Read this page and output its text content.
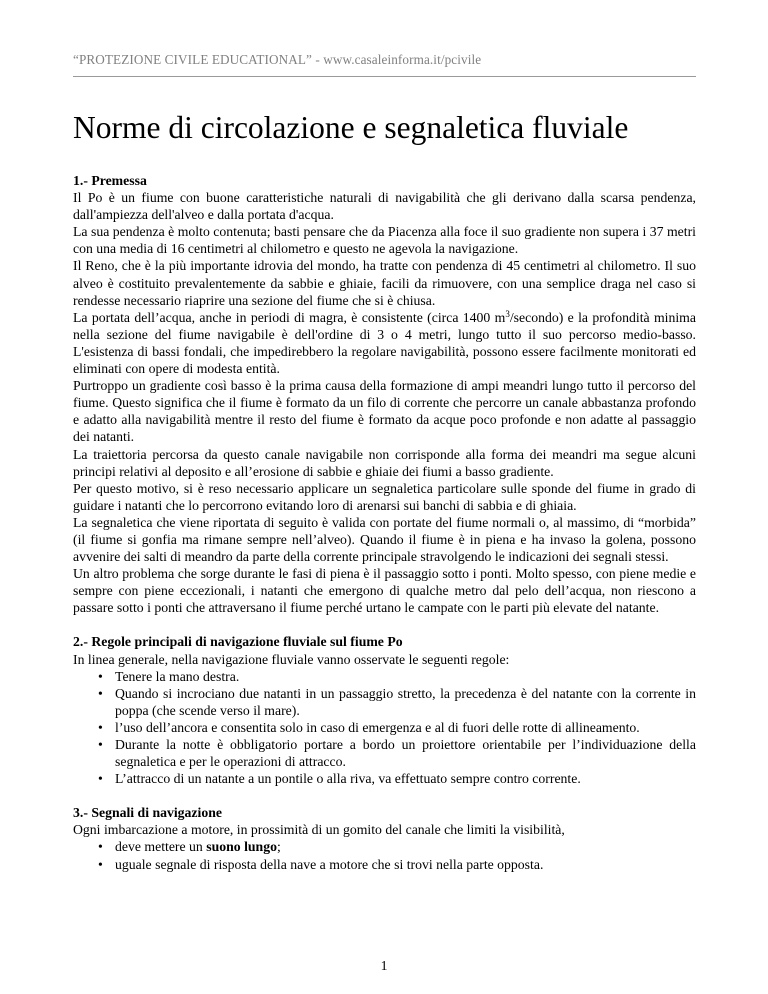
“PROTEZIONE CIVILE EDUCATIONAL” - www.casaleinforma.it/pcivile
Norme di circolazione e segnaletica fluviale
1.- Premessa

Il Po è un fiume con buone caratteristiche naturali di navigabilità che gli derivano dalla scarsa pendenza, dall'ampiezza dell'alveo e dalla portata d'acqua.

La sua pendenza è molto contenuta; basti pensare che da Piacenza alla foce il suo gradiente non supera i 37 metri con una media di 16 centimetri al chilometro e questo ne agevola la navigazione.

Il Reno, che è la più importante idrovia del mondo, ha tratte con pendenza di 45 centimetri al chilometro. Il suo alveo è costituito prevalentemente da sabbie e ghiaie, facili da rimuovere, con una semplice draga nel caso si rendesse necessario riaprire una sezione del fiume che si è chiusa.

La portata dell’acqua, anche in periodi di magra, è consistente (circa 1400 $m^3/secondo$) e la profondità minima nella sezione del fiume navigabile è dell'ordine di 3 o 4 metri, lungo tutto il suo percorso medio-basso. L'esistenza di bassi fondali, che impedirebbero la regolare navigabilità, possono essere facilmente monitorati ed eliminati con opere di modesta entità.

Purtroppo un gradiente così basso è la prima causa della formazione di ampi meandri lungo tutto il percorso del fiume. Questo significa che il fiume è formato da un filo di corrente che percorre un canale abbastanza profondo e adatto alla navigabilità mentre il resto del fiume è formato da acque poco profonde e non adatte al passaggio dei natanti.

La traiettoria percorsa da questo canale navigabile non corrisponde alla forma dei meandri ma segue alcuni principi relativi al deposito e all’erosione di sabbie e ghiaie dei fiumi a basso gradiente.

Per questo motivo, si è reso necessario applicare un segnaletica particolare sulle sponde del fiume in grado di guidare i natanti che lo percorrono evitando loro di arenarsi sui banchi di sabbia e di ghiaia.

La segnaletica che viene riportata di seguito è valida con portate del fiume normali o, al massimo, di “morbida” (il fiume si gonfia ma rimane sempre nell’alveo). Quando il fiume è in piena e ha invaso la golena, possono avvenire dei salti di meandro da parte della corrente principale stravolgendo le indicazioni dei segnali stessi.

Un altro problema che sorge durante le fasi di piena è il passaggio sotto i ponti. Molto spesso, con piene medie e sempre con piene eccezionali, i natanti che emergono di qualche metro dal pelo dell’acqua, non riescono a passare sotto i ponti che attraversano il fiume perché urtano le campate con le parti più elevate del natante.

2.- Regole principali di navigazione fluviale sul fiume Po

In linea generale, nella navigazione fluviale vanno osservate le seguenti regole:

• Tenere la mano destra.
• Quando si incrociano due natanti in un passaggio stretto, la precedenza è del natante con la corrente in poppa (che scende verso il mare).
• l’uso dell’ancora e consentita solo in caso di emergenza e al di fuori delle rotte di allineamento.
• Durante la notte è obbligatorio portare a bordo un proiettore orientabile per l’individuazione della segnaletica e per le operazioni di attracco.
• L’attracco di un natante a un pontile o alla riva, va effettuato sempre contro corrente.
3.- Segnali di navigazione

Ogni imbarcazione a motore, in prossimità di un gomito del canale che limiti la visibilità,

• deve mettere un suono lungo;
• uguale segnale di risposta della nave a motore che si trovi nella parte opposta.
1
